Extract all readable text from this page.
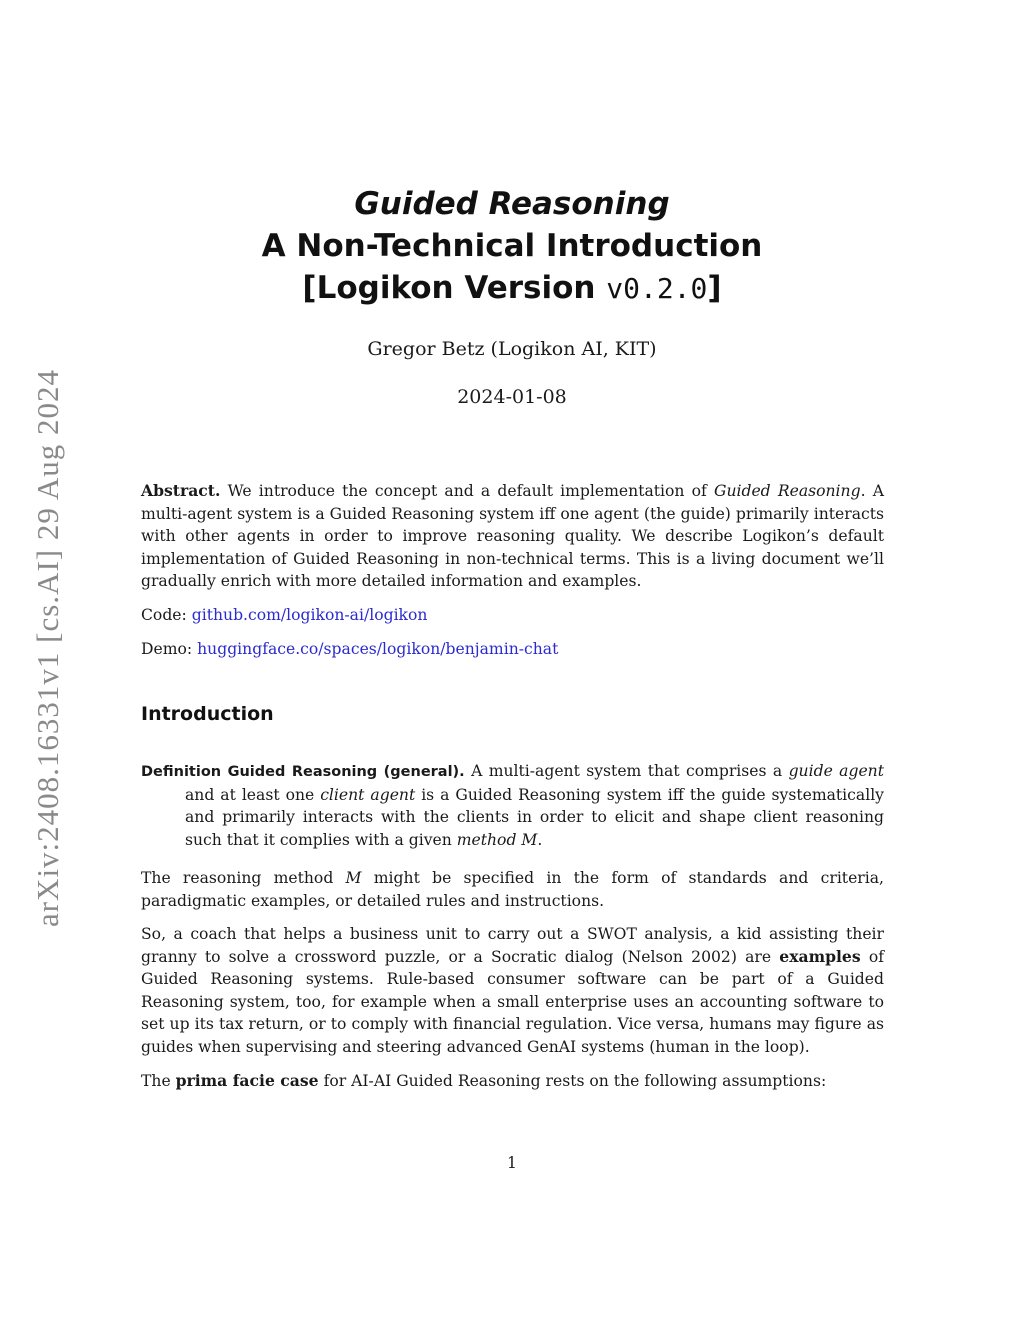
arXiv:2408.16331v1 [cs.AI] 29 Aug 2024
Guided Reasoning
A Non-Technical Introduction
[Logikon Version v0.2.0]
Gregor Betz (Logikon AI, KIT)
2024-01-08

Abstract. We introduce the concept and a default implementation of Guided Reasoning. A multi-agent system is a Guided Reasoning system iff one agent (the guide) primarily interacts with other agents in order to improve reasoning quality. We describe Logikon’s default implementation of Guided Reasoning in non-technical terms. This is a living document we’ll gradually enrich with more detailed information and examples.

Code: github.com/logikon-ai/logikon
Demo: huggingface.co/spaces/logikon/benjamin-chat
Introduction

Definition Guided Reasoning (general). A multi-agent system that comprises a guide agent and at least one client agent is a Guided Reasoning system iff the guide systematically and primarily interacts with the clients in order to elicit and shape client reasoning such that it complies with a given method M.

The reasoning method M might be specified in the form of standards and criteria, paradigmatic examples, or detailed rules and instructions.

So, a coach that helps a business unit to carry out a SWOT analysis, a kid assisting their granny to solve a crossword puzzle, or a Socratic dialog (Nelson 2002) are examples of Guided Reasoning systems. Rule-based consumer software can be part of a Guided Reasoning system, too, for example when a small enterprise uses an accounting software to set up its tax return, or to comply with financial regulation. Vice versa, humans may figure as guides when supervising and steering advanced GenAI systems (human in the loop).

The prima facie case for AI-AI Guided Reasoning rests on the following assumptions:

1
